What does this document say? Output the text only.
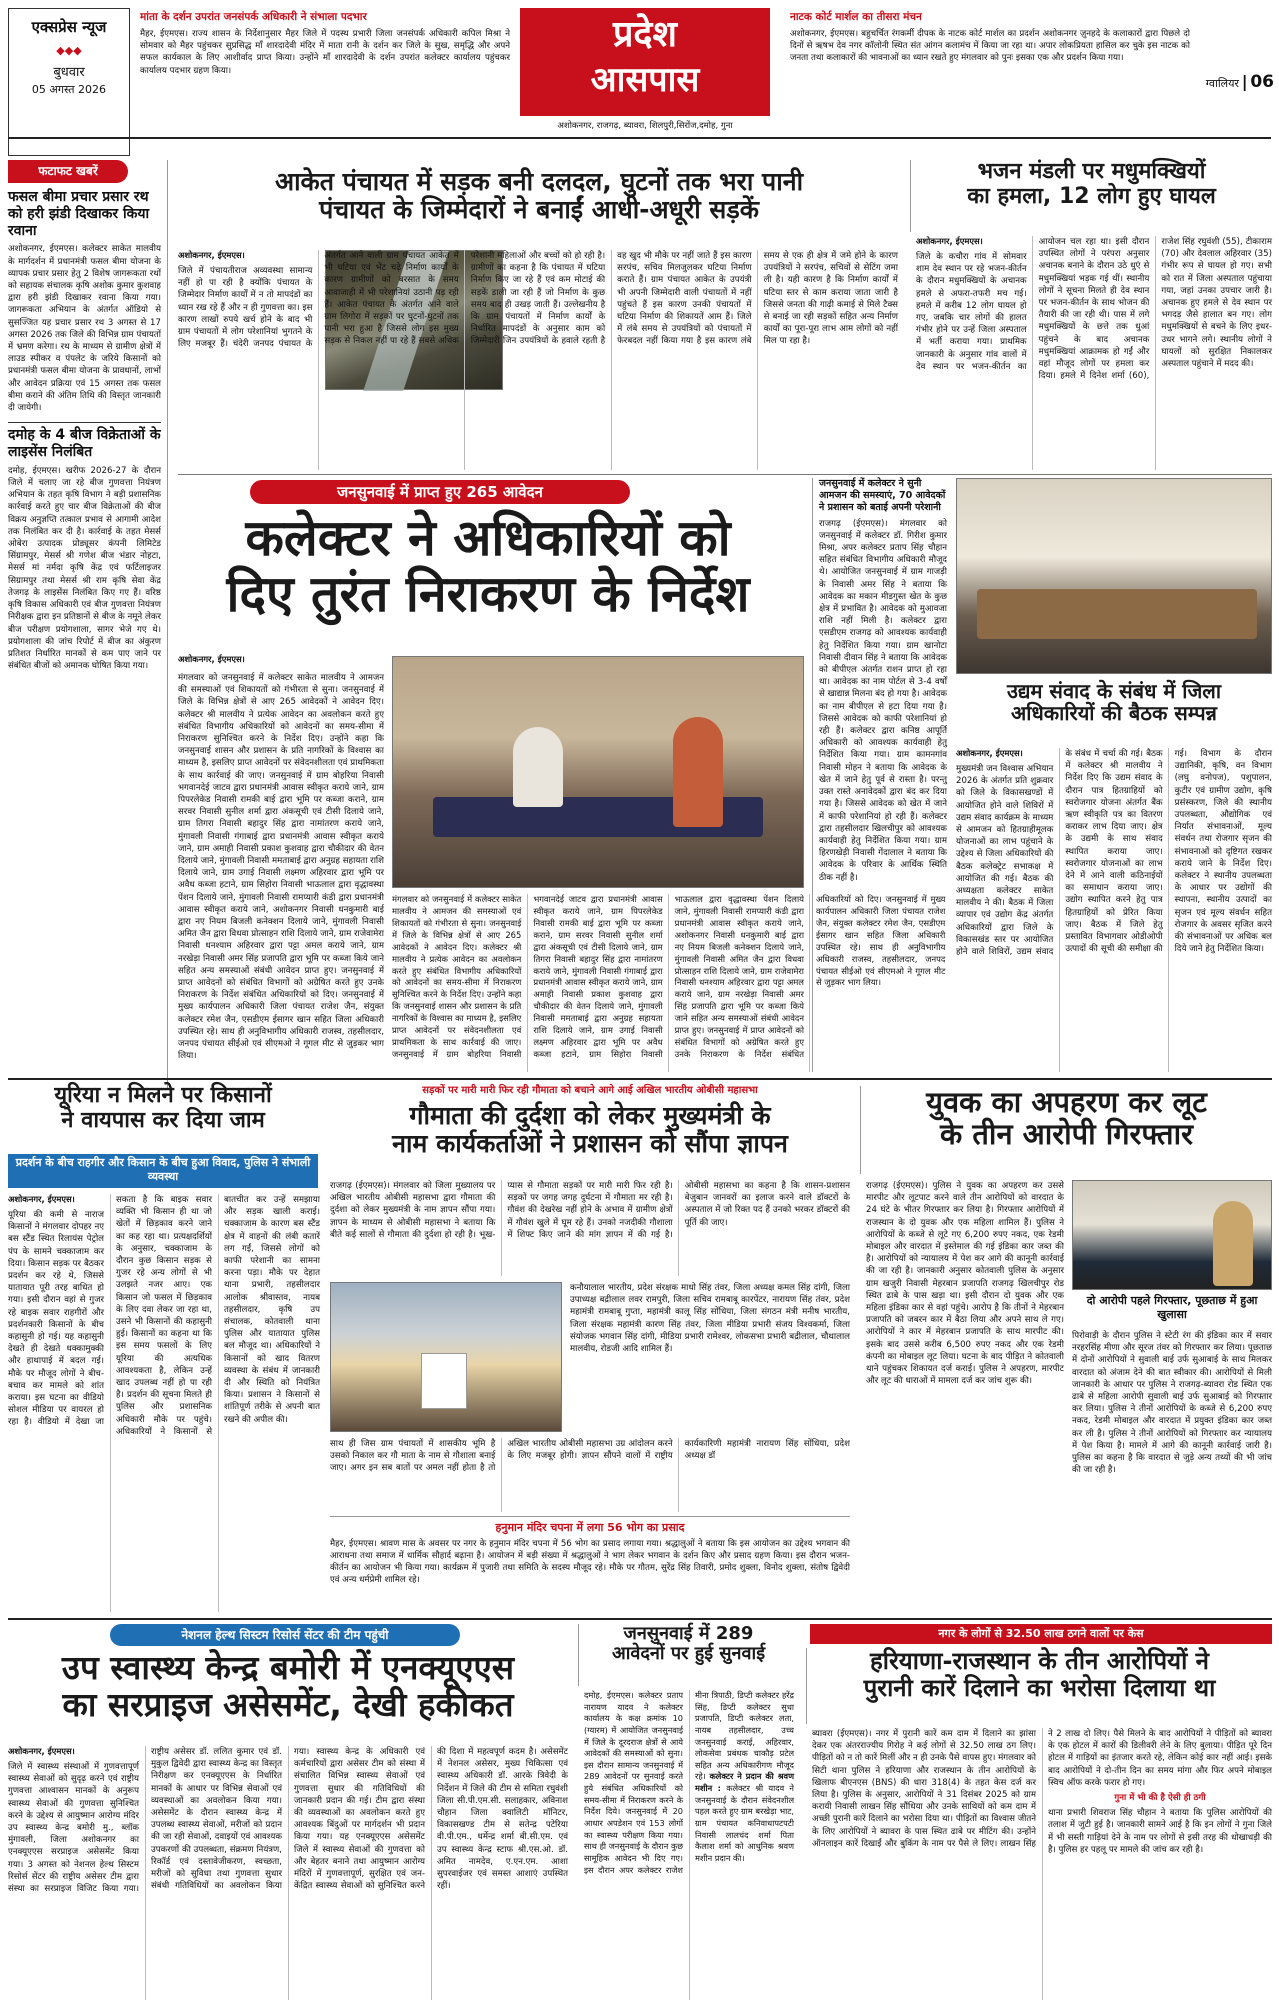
एक्सप्रेस न्यूज
◆◆◆
बुधवार
05 अगस्त 2026
मांता के दर्शन उपरांत जनसंपर्क अधिकारी ने संभाला पदभार
मैहर, ईएमएस। राज्य शासन के निर्देशानुसार मैहर जिले में पदस्थ प्रभारी जिला जनसंपर्क अधिकारी कपिल मिश्रा ने सोमवार को मैहर पहुंचकर सुप्रसिद्ध माँ शारदादेवी मंदिर में माता रानी के दर्शन कर जिले के सुख, समृद्धि और अपने सफल कार्यकाल के लिए आशीर्वाद प्राप्त किया। उन्होंने माँ शारदादेवी के दर्शन उपरांत कलेक्टर कार्यालय पहुंचकर कार्यालय पदभार ग्रहण किया।
प्रदेश
आसपास
अशोकनगर, राजगढ़, ब्यावरा, शिलपुरी,सिरोंज,दमोह, गुना
नाटक कोर्ट मार्शल का तीसरा मंचन
अशोकनगर, ईएमएस। बहुचर्चित रंगकर्मी दीपक के नाटक कोर्ट मार्शल का प्रदर्शन अशोकनगर ज़ुनहदे के कलाकारों द्वारा पिछले दो दिनों से ऋषभ देव नगर कॉलोनी स्थित संत आंगन कलामंच में किया जा रहा था। अपार लोकप्रियता हासिल कर चुके इस नाटक को जनता तथा कलाकारों की भावनाओं का ध्यान रखते हुए मंगलवार को पुनः इसका एक और प्रदर्शन किया गया।
ग्वालियर | 06
फटाफट खबरें
फसल बीमा प्रचार प्रसार रथ को हरी झंडी दिखाकर किया रवाना
अशोकनगर, ईएमएस। कलेक्टर साकेत मालवीय के मार्गदर्शन में प्रधानमंत्री फसल बीमा योजना के व्यापक प्रचार प्रसार हेतु 2 विशेष जागरूकता रथों को सहायक संचालक कृषि अशोक कुमार कुशवाह द्वारा हरी झंडी दिखाकर रवाना किया गया। जागरूकता अभियान के अंतर्गत ऑडियो से सुसज्जित यह प्रचार प्रसार रथ 3 अगस्त से 17 अगस्त 2026 तक जिले की विभिन्न ग्राम पंचायतों में भ्रमण करेगा। रथ के माध्यम से ग्रामीण क्षेत्रों में लाउड स्पीकर व पंपलेट के जरिये किसानों को प्रधानमंत्री फसल बीमा योजना के प्रावधानों, लाभों और आवेदन प्रक्रिया एवं 15 अगस्त तक फसल बीमा कराने की अंतिम तिथि की विस्तृत जानकारी दी जायेगी।
दमोह के 4 बीज विक्रेताओं के लाइसेंस निलंबित
दमोह, ईएमएस। खरीफ 2026-27 के दौरान जिले में चलाए जा रहे बीज गुणवत्ता नियंत्रण अभियान के तहत कृषि विभाग ने बड़ी प्रशासनिक कार्रवाई करते हुए चार बीज विक्रेताओं की बीज विक्रय अनुज्ञप्ति तत्काल प्रभाव से आगामी आदेश तक निलंबित कर दी है। कार्रवाई के तहत मेसर्स ओबेरा उत्पादक प्रोड्यूसर कंपनी लिमिटेड सिंग्रामपुर, मेसर्स श्री गणेश बीज भंडार नोहटा, मेसर्स मां नर्मदा कृषि केंद्र एवं फर्टिलाइजर सिग्रामपुर तथा मेसर्स श्री राम कृषि सेवा केंद्र तेजगढ़ के लाइसेंस निलंबित किए गए हैं। वरिष्ठ कृषि विकास अधिकारी एवं बीज गुणवत्ता नियंत्रण निरीक्षक द्वारा इन प्रतिष्ठानों से बीज के नमूने लेकर बीज परीक्षण प्रयोगशाला, सागर भेजे गए थे। प्रयोगशाला की जांच रिपोर्ट में बीज का अंकुरण प्रतिशत निर्धारित मानकों से कम पाए जाने पर संबंधित बीजों को अमानक घोषित किया गया।
आकेत पंचायत में सड़क बनी दलदल, घुटनों तक भरा पानी
पंचायत के जिम्मेदारों ने बनाईं आधी-अधूरी सड़कें
अशोकनगर, ईएमएस।
जिले में पंचायतीराज अव्यवस्था सामान्य नहीं हो पा रही है क्योंकि पंचायत के जिम्मेदार निर्माण कार्यों में न तो मापदंडों का ध्यान रख रहे हैं और न ही गुणवत्ता का। इस कारण लाखों रुपये खर्च होने के बाद भी ग्राम पंचायतों में लोग परेशानियां भुगतने के लिए मजबूर हैं। चंदेरी जनपद पंचायत के अंतर्गत आने वाली ग्राम पंचायत आकेत में भी घटिया एवं भेंट चढ़े निर्माण कार्यों के कारण ग्रामीणों को बरसात के समय आवाजाही में भी परेशानियां उठानी पड़ रही हैं। आकेत पंचायत के अंतर्गत आने वाले ग्राम लिगोरा में सड़कों पर घुटनों-घुटनों तक पानी भरा हुआ है जिससे लोग इस मुख्य सड़क से निकल नहीं पा रहे हैं सबसे अधिक परेशानी महिलाओं और बच्चों को हो रही है। ग्रामीणों का कहना है कि पंचायत में घटिया निर्माण किए जा रहे हैं एवं कम मोटाई की सड़कें डाली जा रही हैं जो निर्माण के कुछ समय बाद ही उखड़ जाती हैं। उल्लेखनीय है कि ग्राम पंचायतों में निर्माण कार्यों के निर्धारित मापदंडों के अनुसार काम को जिम्मेदारी जिन उपयंत्रियों के हवाले रहती है वह खुद भी मौके पर नहीं जाते हैं इस कारण सरपंच, सचिव मिलजुलकर घटिया निर्माण कराते हैं। ग्राम पंचायत आकेत के उपयंत्री भी अपनी जिम्मेदारी वाली पंचायतों में नहीं पहुंचते हैं इस कारण उनकी पंचायतों में घटिया निर्माण की शिकायतें आम हैं। जिले में लंबे समय से उपयंत्रियों को पंचायतों में फेरबदल नहीं किया गया है इस कारण लंबे समय से एक ही क्षेत्र में जमे होने के कारण उपयंत्रियों ने सरपंच, सचिवों से सेटिंग जमा ली है। यही कारण है कि निर्माण कार्यों में घटिया स्तर से काम कराया जाता जारी है जिससे जनता की गाढ़ी कमाई से मिले टैक्स से बनाई जा रही सड़कों सहित अन्य निर्माण कार्यों का पूरा-पूरा लाभ आम लोगों को नहीं मिल पा रहा है।
भजन मंडली पर मधुमक्खियों
का हमला, 12 लोग हुए घायल
अशोकनगर, ईएमएस।
जिले के कचौरा गांव में सोमवार शाम देव स्थान पर रहे भजन-कीर्तन के दौरान मधुमक्खियों के अचानक हमले से अफरा-तफरी मच गई। हमले में करीब 12 लोग घायल हो गए, जबकि चार लोगों की हालत गंभीर होने पर उन्हें जिला अस्पताल में भर्ती कराया गया। प्राथमिक जानकारी के अनुसार गांव वालों में देव स्थान पर भजन-कीर्तन का आयोजन चल रहा था। इसी दौरान उपस्थित लोगों ने परंपरा अनुसार अचानक बनाने के दौरान उठे धुएं से मधुमक्खियां भड़क गई थीं। स्थानीय लोगों ने सूचना मिलते ही देव स्थान पर भजन-कीर्तन के साथ भोजन की तैयारी की जा रही थी। पास में लगे मधुमक्खियों के छत्ते तक धुआं पहुंचने के बाद अचानक मधुमक्खियां आक्रामक हो गईं और वहां मौजूद लोगों पर हमला कर दिया। हमले में दिनेश शर्मा (60), राजेश सिंह रघुवंशी (55), टीकाराम (70) और देवलाल अहिरवार (35) गंभीर रूप से घायल हो गए। सभी को रात में जिला अस्पताल पहुंचाया गया, जहां उनका उपचार जारी है। अचानक हुए हमले से देव स्थान पर भगदड़ जैसे हालात बन गए। लोग मधुमक्खियों से बचने के लिए इधर-उधर भागने लगे। स्थानीय लोगों ने घायलों को सुरक्षित निकालकर अस्पताल पहुंचाने में मदद की।
जनसुनवाई में प्राप्त हुए 265 आवेदन
कलेक्टर ने अधिकारियों को
दिए तुरंत निराकरण के निर्देश
अशोकनगर, ईएमएस।
मंगलवार को जनसुनवाई में कलेक्टर साकेत मालवीय ने आमजन की समस्याओं एवं शिकायतों को गंभीरता से सुना। जनसुनवाई में जिले के विभिन्न क्षेत्रों से आए 265 आवेदकों ने आवेदन दिए। कलेक्टर श्री मालवीय ने प्रत्येक आवेदन का अवलोकन करते हुए संबंधित विभागीय अधिकारियों को आवेदनों का समय-सीमा में निराकरण सुनिश्चित करने के निर्देश दिए। उन्होंने कहा कि जनसुनवाई शासन और प्रशासन के प्रति नागरिकों के विश्वास का माध्यम है, इसलिए प्राप्त आवेदनों पर संवेदनशीलता एवं प्राथमिकता के साथ कार्रवाई की जाए। जनसुनवाई में ग्राम बोहरिया निवासी भगवानदेई जाटव द्वारा प्रधानमंत्री आवास स्वीकृत कराये जाने, ग्राम पिपरलेकेड निवासी रामकी बाई द्वारा भूमि पर कब्जा कराने, ग्राम सरवर निवासी सुनील शर्मा द्वारा अंकसूची एवं टीसी दिलाये जाने, ग्राम तिगरा निवासी बहादुर सिंह द्वारा नामांतरण कराये जाने, मुंगावली निवासी गंगाबाई द्वारा प्रधानमंत्री आवास स्वीकृत कराये जाने, ग्राम अमाही निवासी प्रकाश कुशवाह द्वारा चौकीदार की वेतन दिलाये जाने, मुंगावली निवासी ममताबाई द्वारा अनुग्रह सहायता राशि दिलाये जाने, ग्राम उगाई निवासी लक्ष्मण अहिरवार द्वारा भूमि पर अवैध कब्जा हटाने, ग्राम सिहोरा निवासी भाऊलाल द्वारा वृद्धावस्था पेंशन दिलाये जाने, मुंगावली निवासी रामप्यारी कंडी द्वारा प्रधानमंत्री आवास स्वीकृत कराये जाने, अशोकनगर निवासी धनकुमारी बाई द्वारा नए नियम बिजली कनेक्शन दिलाये जाने, मुंगावली निवासी अमित जैन द्वारा विधवा प्रोत्साहन राशि दिलाये जाने, ग्राम राजेवामेरा निवासी धनश्याम अहिरवार द्वारा पट्टा अमल कराये जाने, ग्राम नरखेड़ा निवासी अमर सिंह प्रजापति द्वारा भूमि पर कब्जा किये जाने सहित अन्य समस्याओं संबंधी आवेदन प्राप्त हुए। जनसुनवाई में प्राप्त आवेदनों को संबंधित विभागों को अग्रेषित करते हुए उनके निराकरण के निर्देश संबंधित अधिकारियों को दिए। जनसुनवाई में मुख्य कार्यपालन अधिकारी जिला पंचायत राजेश जैन, संयुक्त कलेक्टर रमेश जैन, एसडीएम ईसागर खान सहित जिला अधिकारी उपस्थित रहे। साथ ही अनुविभागीय अधिकारी राजस्व, तहसीलदार, जनपद पंचायत सीईओ एवं सीएमओ ने गूगल मीट से जुड़कर भाग लिया।
मंगलवार को जनसुनवाई में कलेक्टर साकेत मालवीय ने आमजन की समस्याओं एवं शिकायतों को गंभीरता से सुना। जनसुनवाई में जिले के विभिन्न क्षेत्रों से आए 265 आवेदकों ने आवेदन दिए। कलेक्टर श्री मालवीय ने प्रत्येक आवेदन का अवलोकन करते हुए संबंधित विभागीय अधिकारियों को आवेदनों का समय-सीमा में निराकरण सुनिश्चित करने के निर्देश दिए। उन्होंने कहा कि जनसुनवाई शासन और प्रशासन के प्रति नागरिकों के विश्वास का माध्यम है, इसलिए प्राप्त आवेदनों पर संवेदनशीलता एवं प्राथमिकता के साथ कार्रवाई की जाए। जनसुनवाई में ग्राम बोहरिया निवासी भगवानदेई जाटव द्वारा प्रधानमंत्री आवास स्वीकृत कराये जाने, ग्राम पिपरलेकेड निवासी रामकी बाई द्वारा भूमि पर कब्जा कराने, ग्राम सरवर निवासी सुनील शर्मा द्वारा अंकसूची एवं टीसी दिलाये जाने, ग्राम तिगरा निवासी बहादुर सिंह द्वारा नामांतरण कराये जाने, मुंगावली निवासी गंगाबाई द्वारा प्रधानमंत्री आवास स्वीकृत कराये जाने, ग्राम अमाही निवासी प्रकाश कुशवाह द्वारा चौकीदार की वेतन दिलाये जाने, मुंगावली निवासी ममताबाई द्वारा अनुग्रह सहायता राशि दिलाये जाने, ग्राम उगाई निवासी लक्ष्मण अहिरवार द्वारा भूमि पर अवैध कब्जा हटाने, ग्राम सिहोरा निवासी भाऊलाल द्वारा वृद्धावस्था पेंशन दिलाये जाने, मुंगावली निवासी रामप्यारी कंडी द्वारा प्रधानमंत्री आवास स्वीकृत कराये जाने, अशोकनगर निवासी धनकुमारी बाई द्वारा नए नियम बिजली कनेक्शन दिलाये जाने, मुंगावली निवासी अमित जैन द्वारा विधवा प्रोत्साहन राशि दिलाये जाने, ग्राम राजेवामेरा निवासी धनश्याम अहिरवार द्वारा पट्टा अमल कराये जाने, ग्राम नरखेड़ा निवासी अमर सिंह प्रजापति द्वारा भूमि पर कब्जा किये जाने सहित अन्य समस्याओं संबंधी आवेदन प्राप्त हुए। जनसुनवाई में प्राप्त आवेदनों को संबंधित विभागों को अग्रेषित करते हुए उनके निराकरण के निर्देश संबंधित अधिकारियों को दिए। जनसुनवाई में मुख्य कार्यपालन अधिकारी जिला पंचायत राजेश जैन, संयुक्त कलेक्टर रमेश जैन, एसडीएम ईसागर खान सहित जिला अधिकारी उपस्थित रहे। साथ ही अनुविभागीय अधिकारी राजस्व, तहसीलदार, जनपद पंचायत सीईओ एवं सीएमओ ने गूगल मीट से जुड़कर भाग लिया।
जनसुनवाई में कलेक्टर ने सुनी आमजन की समस्याएं, 70 आवेदकों ने प्रशासन को बताई अपनी परेशानी
राजगढ़ (ईएमएस)। मंगलवार को जनसुनवाई में कलेक्टर डॉ. गिरीश कुमार मिश्रा, अपर कलेक्टर प्रताप सिंह चौहान सहित संबंधित विभागीय अधिकारी मौजूद थे। आयोजित जनसुनवाई में ग्राम गाजड़ी के निवासी अमर सिंह ने बताया कि आवेदक का मकान मीडगुस्त खेत के कुछ क्षेत्र में प्रभावित है। आवेदक को मुआवजा राशि नहीं मिली है। कलेक्टर द्वारा एसडीएम राजगढ़ को आवश्यक कार्यवाही हेतु निर्देशित किया गया। ग्राम खानोटा निवासी दीवान सिंह ने बताया कि आवेदक को बीपीएल अंतर्गत राशन प्राप्त हो रहा था। आवेदक का नाम पोर्टल से 3-4 वर्षों से खाद्यान्न मिलना बंद हो गया है। आवेदक का नाम बीपीएल से हटा दिया गया है। जिससे आवेदक को काफी परेशानियां हो रही हैं। कलेक्टर द्वारा कनिष्ठ आपूर्ति अधिकारी को आवश्यक कार्यवाही हेतु निर्देशित किया गया। ग्राम कामनगांव निवासी मोहन ने बताया कि आवेदक के खेत में जाने हेतु पूर्व से रास्ता है। परन्तु उक्त रास्ते अनावेदकों द्वारा बंद कर दिया गया है। जिससे आवेदक को खेत में जाने में काफी परेशानियां हो रही हैं। कलेक्टर द्वारा तहसीलदार खिलचीपुर को आवश्यक कार्यवाही हेतु निर्देशित किया गया। ग्राम हिरणखेड़ी निवासी गेंदालाल ने बताया कि आवेदक के परिवार के आर्थिक स्थिति ठीक नहीं है।
उद्यम संवाद के संबंध में जिला
अधिकारियों की बैठक सम्पन्न
अशोकनगर, ईएमएस।
मुख्यमंत्री जन विश्वास अभियान 2026 के अंतर्गत प्रति शुक्रवार को जिले के विकासखण्डों में आयोजित होने वाले शिविरों में उद्यम संवाद कार्यक्रम के माध्यम से आमजन को हितग्राहीमूलक योजनाओं का लाभ पहुंचाने के उद्देश्य से जिला अधिकारियों की बैठक कलेक्ट्रेट सभाकक्ष में आयोजित की गई। बैठक की अध्यक्षता कलेक्टर साकेत मालवीय ने की। बैठक में जिला व्यापार एवं उद्योग केंद्र अंतर्गत अधिकारियों द्वारा जिले के विकासखंड स्तर पर आयोजित होने वाले शिविरों, उद्यम संवाद के संबंध में चर्चा की गई। बैठक में कलेक्टर श्री मालवीय ने निर्देश दिए कि उद्यम संवाद के दौरान पात्र हितग्राहियों को स्वरोजगार योजना अंतर्गत बैंक ऋण स्वीकृति पत्र का वितरण कराकर लाभ दिया जाए। क्षेत्र के उद्यमी के साथ संवाद स्थापित कराया जाए। स्वरोजगार योजनाओं का लाभ देने में आने वाली कठिनाईयों का समाधान कराया जाए। उद्योग स्थापित करने हेतु पात्र हितग्राहियों को प्रेरित किया जाए। बैठक में जिले हेतु प्रस्तावित विभागवार ओडीओपी उत्पादों की सूची की समीक्षा की गई। विभाग के दौरान उद्यानिकी, कृषि, वन विभाग (लघु वनोपज), पशुपालन, कुटीर एवं ग्रामीण उद्योग, कृषि प्रसंस्करण, जिले की स्थानीय उपलब्धता, औद्योगिक एवं निर्यात संभावनाओं, मूल्य संवर्धन तथा रोजगार सृजन की संभावनाओं को दृष्टिगत रखकर कराये जाने के निर्देश दिए। कलेक्टर ने स्थानीय उपलब्धता के आधार पर उद्योगों की स्थापना, स्थानीय उत्पादों का सृजन एवं मूल्य संवर्धन सहित रोजगार के अवसर सृजित करने की संभावनाओं पर अधिक बल दिये जाने हेतु निर्देशित किया।
यूरिया न मिलने पर किसानों
ने वायपास कर दिया जाम
प्रदर्शन के बीच राहगीर और किसान के बीच हुआ विवाद, पुलिस ने संभाली व्यवस्था
अशोकनगर, ईएमएस।
यूरिया की कमी से नाराज किसानों ने मंगलवार दोपहर नए बस स्टैंड स्थित रिलायंस पेट्रोल पंप के सामने चक्काजाम कर दिया। किसान सड़क पर बैठकर प्रदर्शन कर रहे थे, जिससे यातायात पूरी तरह बाधित हो गया। इसी दौरान वहां से गुजर रहे बाइक सवार राहगीरों और प्रदर्शनकारी किसानों के बीच कहासुनी हो गई। यह कहासुनी देखते ही देखते धक्कामुक्की और हाथापाई में बदल गई। मौके पर मौजूद लोगों ने बीच-बचाव कर मामले को शांत कराया। इस घटना का वीडियो सोशल मीडिया पर वायरल हो रहा है। वीडियो में देखा जा सकता है कि बाइक सवार व्यक्ति भी किसान ही था जो खेतों में छिड़काव करने जाने का कह रहा था। प्रत्यक्षदर्शियों के अनुसार, चक्काजाम के दौरान कुछ किसान सड़क से गुजर रहे अन्य लोगों से भी उलझते नजर आए। एक किसान जो फसल में छिड़काव के लिए दवा लेकर जा रहा था, उसने भी किसानों की कहासुनी हुई। किसानों का कहना था कि इस समय फसलों के लिए यूरिया की अत्यधिक आवश्यकता है, लेकिन उन्हें खाद उपलब्ध नहीं हो पा रही है। प्रदर्शन की सूचना मिलते ही पुलिस और प्रशासनिक अधिकारी मौके पर पहुंचे। अधिकारियों ने किसानों से बातचीत कर उन्हें समझाया और सड़क खाली कराई। चक्काजाम के कारण बस स्टैंड क्षेत्र में वाहनों की लंबी कतारें लग गईं, जिससे लोगों को काफी परेशानी का सामना करना पड़ा। मौके पर देहात थाना प्रभारी, तहसीलदार आलोक श्रीवास्तव, नायब तहसीलदार, कृषि उप संचालक, कोतवाली थाना पुलिस और यातायात पुलिस बल मौजूद था। अधिकारियों ने किसानों को खाद वितरण व्यवस्था के संबंध में जानकारी दी और स्थिति को नियंत्रित किया। प्रशासन ने किसानों से शांतिपूर्ण तरीके से अपनी बात रखने की अपील की।
सड़कों पर मारी मारी फिर रही गौमाता को बचाने आगे आई अखिल भारतीय ओबीसी महासभा
गौमाता की दुर्दशा को लेकर मुख्यमंत्री के
नाम कार्यकर्ताओं ने प्रशासन को सौंपा ज्ञापन
राजगढ़ (ईएमएस)। मंगलवार को जिला मुख्यालय पर अखिल भारतीय ओबीसी महासभा द्वारा गौमाता की दुर्दशा को लेकर मुख्यमंत्री के नाम ज्ञापन सौंपा गया। ज्ञापन के माध्यम से ओबीसी महासभा ने बताया कि बीते कई सालों से गौमाता की दुर्दशा हो रही है। भूख-प्यास से गौमाता सड़कों पर मारी मारी फिर रही है। सड़कों पर जगह जगह दुर्घटना में गौमाता मर रही है। गौवंश की देखरेख नहीं होने के अभाव में ग्रामीण क्षेत्रों में गौवंश खुले में घूम रहे हैं। उनको नजदीकी गौशाला में शिफ्ट किए जाने की मांग ज्ञापन में की गई है। ओबीसी महासभा का कहना है कि शासन-प्रशासन बेजुबान जानवरों का इलाज करने वाले डॉक्टरों के अस्पताल में जो रिक्त पद हैं उनको भरकर डॉक्टरों की पूर्ति की जाए।
कनौयालाल भारतीय, प्रदेश संरक्षक माधो सिंह तंवर, जिला अध्यक्ष कमल सिंह दांगी, जिला उपाध्यक्ष बद्रीलाल लवर रामपुरी, जिला सचिव रामबाबू कारपेंटर, नारायण सिंह तंवर, प्रदेश महामंत्री रामबाबू गुप्ता, महामंत्री कालू सिंह सोंधिया, जिला संगठन मंत्री मनीष भारतीय, जिला संरक्षक महामंत्री कारण सिंह तंवर, जिला मीडिया प्रभारी संजय विश्वकर्मा, जिला संयोजक भगवान सिंह दांगी, मीडिया प्रभारी रामेश्वर, लोकसभा प्रभारी बद्रीलाल, चौथालाल मालवीय, रोडजी आदि शामिल हैं।
साथ ही जिस ग्राम पंचायतों में शासकीय भूमि है उसको निकाल कर गौ माता के नाम से गौशाला बनाई जाए। अगर इन सब बातों पर अमल नहीं होता है तो अखिल भारतीय ओबीसी महासभा उग्र आंदोलन करने के लिए मजबूर होगी। ज्ञापन सौंपने वालों में राष्ट्रीय कार्यकारिणी महामंत्री नारायण सिंह सोंधिया, प्रदेश अध्यक्ष डॉ
हनुमान मंदिर चपना में लगा 56 भोग का प्रसाद
मैहर, ईएमएस। श्रावण मास के अवसर पर नगर के हनुमान मंदिर चपना में 56 भोग का प्रसाद लगाया गया। श्रद्धालुओं ने बताया कि इस आयोजन का उद्देश्य भगवान की आराधना तथा समाज में धार्मिक सौहार्द बढ़ाना है। आयोजन में बड़ी संख्या में श्रद्धालुओं ने भाग लेकर भगवान के दर्शन किए और प्रसाद ग्रहण किया। इस दौरान भजन-कीर्तन का आयोजन भी किया गया। कार्यक्रम में पुजारी तथा समिति के सदस्य मौजूद रहे। मौके पर गौतम, सुरेंद्र सिंह तिवारी, प्रमोद शुक्ला, विनोद शुक्ला, संतोष द्विवेदी एवं अन्य धर्मप्रेमी शामिल रहे।
युवक का अपहरण कर लूट
के तीन आरोपी गिरफ्तार
राजगढ़ (ईएमएस)। पुलिस ने युवक का अपहरण कर उससे मारपीट और लूटपाट करने वाले तीन आरोपियों को वारदात के 24 घंटे के भीतर गिरफ्तार कर लिया है। गिरफ्तार आरोपियों में राजस्थान के दो युवक और एक महिला शामिल हैं। पुलिस ने आरोपियों के कब्जे से लूटे गए 6,200 रुपए नकद, एक रेडमी मोबाइल और वारदात में इस्तेमाल की गई इंडिका कार जब्त की है। आरोपियों को न्यायालय में पेश कर आगे की कानूनी कार्रवाई की जा रही है। जानकारी अनुसार कोतवाली पुलिस के अनुसार ग्राम खजुरी निवासी मेहरबान प्रजापति राजगढ़ खिलचीपुर रोड स्थित ढाबे के पास खड़ा था। इसी दौरान दो युवक और एक महिला इंडिका कार से वहां पहुंचे। आरोप है कि तीनों ने मेहरबान प्रजापति को जबरन कार में बैठा लिया और अपने साथ ले गए। आरोपियों ने कार में मेहरबान प्रजापति के साथ मारपीट की। इसके बाद उससे करीब 6,500 रुपए नकद और एक रेडमी कंपनी का मोबाइल लूट लिया। घटना के बाद पीड़ित ने कोतवाली थाने पहुंचकर शिकायत दर्ज कराई। पुलिस ने अपहरण, मारपीट और लूट की धाराओं में मामला दर्ज कर जांच शुरू की।
दो आरोपी पहले गिरफ्तार, पूछताछ में हुआ खुलासा
पिरोवाड़ी के दौरान पुलिस ने स्टेटी रंग की इंडिका कार में सवार नरहरसिंह मीणा और सूरज तंवर को गिरफ्तार कर लिया। पूछताछ में दोनों आरोपियों ने सुवाली बाई उर्फ सुआबाई के साथ मिलकर वारदात को अंजाम देने की बात स्वीकार की। आरोपियों से मिली जानकारी के आधार पर पुलिस ने राजगढ़-ब्यावरा रोड स्थित एक ढाबे से महिला आरोपी सुवाली बाई उर्फ सुआबाई को गिरफ्तार कर लिया। पुलिस ने तीनों आरोपियों के कब्जे से 6,200 रुपए नकद, रेडमी मोबाइल और वारदात में प्रयुक्त इंडिका कार जब्त कर ली है। पुलिस ने तीनों आरोपियों को गिरफ्तार कर न्यायालय में पेश किया है। मामले में आगे की कानूनी कार्रवाई जारी है। पुलिस का कहना है कि वारदात से जुड़े अन्य तथ्यों की भी जांच की जा रही है।
नेशनल हेल्थ सिस्टम रिसोर्स सेंटर की टीम पहुंची
उप स्वास्थ्य केन्द्र बमोरी में एनक्यूएएस
का सरप्राइज असेसमेंट, देखी हकीकत
अशोकनगर, ईएमएस।
जिले में स्वास्थ्य संस्थाओं में गुणवत्तापूर्ण स्वास्थ्य सेवाओं को सुदृढ़ करने एवं राष्ट्रीय गुणवत्ता आश्वासन मानकों के अनुरूप स्वास्थ्य सेवाओं की गुणवत्ता सुनिश्चित करने के उद्देश्य से आयुष्मान आरोग्य मंदिर उप स्वास्थ्य केन्द्र बमोरी मु., ब्लॉक मुंगावली, जिला अशोकनगर का एनक्यूएएस सरप्राइज असेसमेंट किया गया। 3 अगस्त को नेशनल हेल्थ सिस्टम रिसोर्स सेंटर की राष्ट्रीय असेसर टीम द्वारा संस्था का सरप्राइज विजिट किया गया। राष्ट्रीय असेसर डॉ. ललित कुमार एवं डॉ. मुकुल द्विवेदी द्वारा स्वास्थ्य केन्द्र का विस्तृत निरीक्षण कर एनक्यूएएस के निर्धारित मानकों के आधार पर विभिन्न सेवाओं एवं व्यवस्थाओं का अवलोकन किया गया। असेसमेंट के दौरान स्वास्थ्य केन्द्र में उपलब्ध स्वास्थ्य सेवाओं, मरीजों को प्रदान की जा रही सेवाओं, दवाइयों एवं आवश्यक उपकरणों की उपलब्धता, संक्रमण नियंत्रण, रिकॉर्ड एवं दस्तावेजीकरण, स्वच्छता, मरीजों को सुविधा तथा गुणवत्ता सुधार संबंधी गतिविधियों का अवलोकन किया गया। स्वास्थ्य केन्द्र के अधिकारी एवं कर्मचारियों द्वारा असेसर टीम को संस्था में संचालित विभिन्न स्वास्थ्य सेवाओं एवं गुणवत्ता सुधार की गतिविधियों की जानकारी प्रदान की गई। टीम द्वारा संस्था की व्यवस्थाओं का अवलोकन करते हुए आवश्यक बिंदुओं पर मार्गदर्शन भी प्रदान किया गया। यह एनक्यूएएस असेसमेंट जिले में स्वास्थ्य सेवाओं की गुणवत्ता को और बेहतर बनाने तथा आयुष्मान आरोग्य मंदिरों में गुणवत्तापूर्ण, सुरक्षित एवं जन-केंद्रित स्वास्थ्य सेवाओं को सुनिश्चित करने की दिशा में महत्वपूर्ण कदम है। असेसमेंट में नेशनल असेसर, मुख्य चिकित्सा एवं स्वास्थ्य अधिकारी डॉ. आरके त्रिवेदी के निर्देशन में जिले की टीम से समिता रघुवंशी जिला सी.पी.एम.सी. सलाहकार, अविनाश चौहान जिला क्वालिटी मॉनिटर, विकासखण्ड टीम से सतेन्द्र पटेरिया वी.पी.एम., धर्मेन्द्र शर्मा बी.सी.एम. एवं उप स्वास्थ्य केन्द्र स्टाफ श्री.एस.ओ. डॉ. अमित नामदेव, ए.एन.एम. आशा सुपरवाईजर एवं समस्त आशाएं उपस्थित रहीं।
जनसुनवाई में 289
आवेदनों पर हुई सुनवाई
दमोह, ईएमएस। कलेक्टर प्रताप नारायण यादव ने कलेक्टर कार्यालय के कक्ष क्रमांक 10 (ग्यारम) में आयोजित जनसुनवाई में जिले के दूरदराज क्षेत्रों से आये आवेदकों की समस्याओं को सुना। इस दौरान सामान्य जनसुनवाई में 289 आवेदनों पर सुनवाई करते हुये संबंधित अधिकारियों को समय-सीमा में निराकरण करने के निर्देश दिये। जनसुनवाई में 20 आधार अपडेशन एवं 153 लोगों का स्वास्थ्य परीक्षण किया गया। साथ ही जनसुनवाई के दौरान कुछ सामूहिक आवेदन भी दिए गए। इस दौरान अपर कलेक्टर राजेश मीना त्रिपाठी, डिप्टी कलेक्टर हरेंद्र सिंह, डिप्टी कलेक्टर सुधा प्रजापति, डिप्टी कलेक्टर लता, नायब तहसीलदार, उच्च जनसुनवाई कराई, अहिरवार, लोकसेवा प्रबंधक चाकौड़ प्रटेल सहित अन्य अधिकारीगण मौजूद रहे। कलेक्टर ने प्रदान की श्रवण मशीन : कलेक्टर श्री यादव ने जनसुनवाई के दौरान संवेदनशील पहल करते हुए ग्राम बरखेड़ा भाट, ग्राम पंचायत कनिवाधापटपटी निवासी लालचंद शर्मा पिता कैलाश शर्मा को आधुनिक श्रवण मशीन प्रदान की।
नगर के लोगों से 32.50 लाख ठगने वालों पर केस
हरियाणा-राजस्थान के तीन आरोपियों ने
पुरानी कारें दिलाने का भरोसा दिलाया था
ब्यावरा (ईएमएस)। नगर में पुरानी कारें कम दाम में दिलाने का झांसा देकर एक अंतरराज्यीय गिरोह ने कई लोगों से 32.50 लाख ठग लिए। पीड़ितों को न तो कारें मिलीं और न ही उनके पैसे वापस हुए। मंगलवार को सिटी थाना पुलिस ने हरियाणा और राजस्थान के तीन आरोपियों के खिलाफ बीएनएस (BNS) की धारा 318(4) के तहत केस दर्ज कर लिया है। पुलिस के अनुसार, आरोपियों ने 31 दिसंबर 2025 को ग्राम करायी निवासी लाखन सिंह सौंधिया और उनके साथियों को कम दाम में अच्छी पुरानी कारें दिलाने का भरोसा दिया था। पीड़ितों का विश्वास जीतने के लिए आरोपियों ने ब्यावरा के पास स्थित ढाबे पर मीटिंग की। उन्होंने ऑनलाइन कारें दिखाईं और बुकिंग के नाम पर पैसे ले लिए। लाखन सिंह ने 2 लाख दो लिए। पैसे मिलने के बाद आरोपियों ने पीड़ितों को ब्यावरा के एक होटल में कारों की डिलीवरी लेने के लिए बुलाया। पीड़ित पूरे दिन होटल में गाड़ियों का इंतजार करते रहे, लेकिन कोई कार नहीं आई। इसके बाद आरोपियों ने दो-तीन दिन का समय मांगा और फिर अपने मोबाइल स्विच ऑफ करके फरार हो गए।
गुना में भी की है ऐसी ही ठगी
थाना प्रभारी शिवराज सिंह चौहान ने बताया कि पुलिस आरोपियों की तलाश में जुटी हुई है। जानकारी सामने आई है कि इन लोगों ने गुना जिले में भी सस्ती गाड़ियां देने के नाम पर लोगों से इसी तरह की धोखाधड़ी की है। पुलिस हर पहलू पर मामले की जांच कर रही है।
